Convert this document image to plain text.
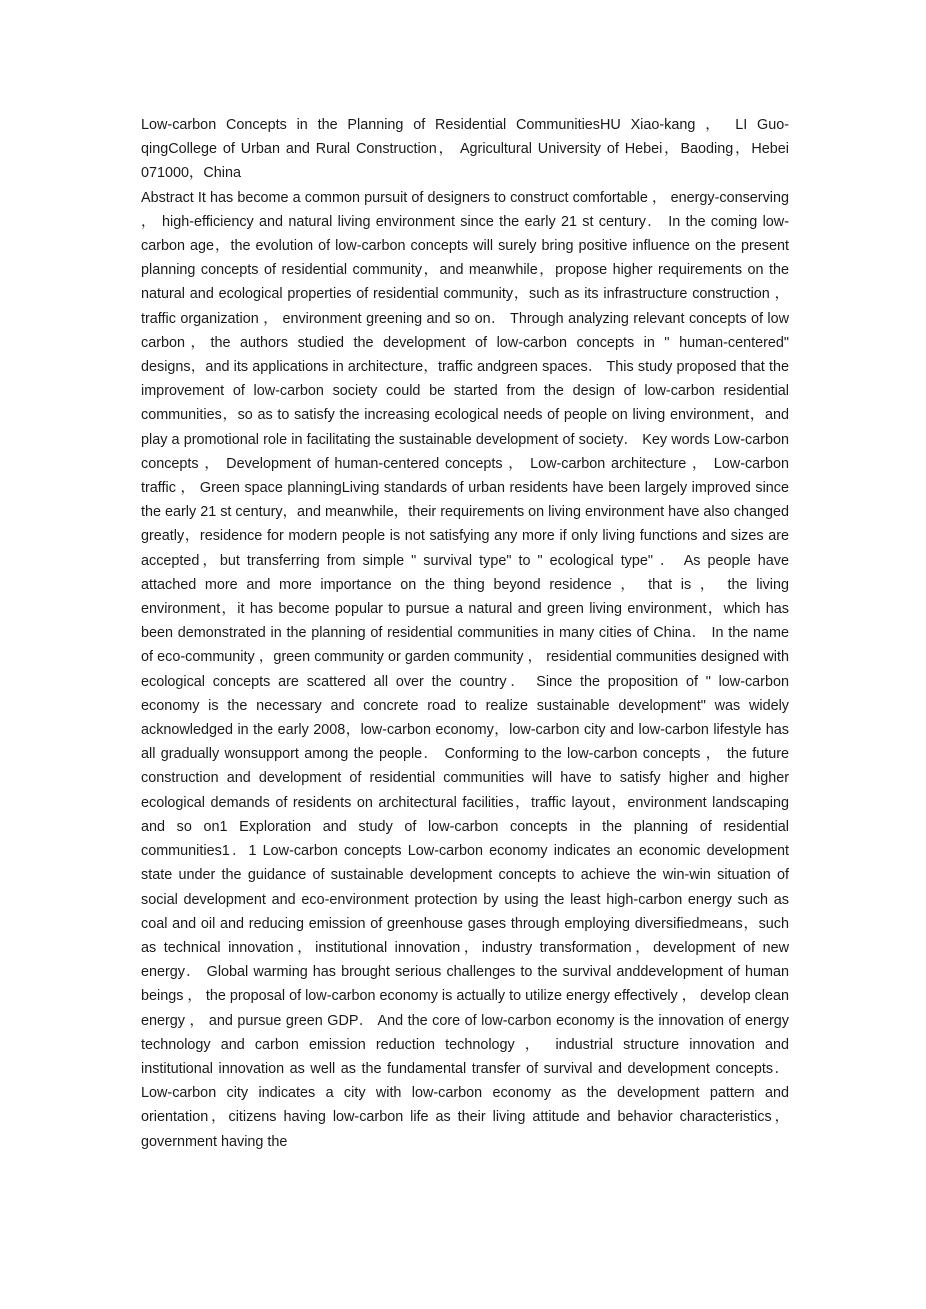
Low-carbon Concepts in the Planning of Residential CommunitiesHU Xiao-kang ， LI Guo-qingCollege of Urban and Rural Construction， Agricultural University of Hebei，Baoding，Hebei 071000，China

Abstract It has become a common pursuit of designers to construct comfortable ， energy-conserving ， high-efficiency and natural living environment since the early 21 st century． In the coming low-carbon age，the evolution of low-carbon concepts will surely bring positive influence on the present planning concepts of residential community，and meanwhile，propose higher requirements on the natural and ecological properties of residential community，such as its infrastructure construction ， traffic organization ， environment greening and so on． Through analyzing relevant concepts of low carbon，the authors studied the development of low-carbon concepts in " human-centered" designs，and its applications in architecture，traffic andgreen spaces． This study proposed that the improvement of low-carbon society could be started from the design of low-carbon residential communities，so as to satisfy the increasing ecological needs of people on living environment，and play a promotional role in facilitating the sustainable development of society． Key words Low-carbon concepts ， Development of human-centered concepts ， Low-carbon architecture ， Low-carbon traffic ， Green space planningLiving standards of urban residents have been largely improved since the early 21 st century，and meanwhile，their requirements on living environment have also changed greatly，residence for modern people is not satisfying any more if only living functions and sizes are accepted，but transferring from simple " survival type" to " ecological type" ． As people have attached more and more importance on the thing beyond residence ， that is ， the living environment，it has become popular to pursue a natural and green living environment，which has been demonstrated in the planning of residential communities in many cities of China． In the name of eco-community ，green community or garden community ， residential communities designed with ecological concepts are scattered all over the country． Since the proposition of " low-carbon economy is the necessary and concrete road to realize sustainable development" was widely acknowledged in the early 2008，low-carbon economy，low-carbon city and low-carbon lifestyle has all gradually wonsupport among the people． Conforming to the low-carbon concepts ， the future construction and development of residential communities will have to satisfy higher and higher ecological demands of residents on architectural facilities，traffic layout，environment landscaping and so on1 Exploration and study of low-carbon concepts in the planning of residential communities1．1 Low-carbon concepts Low-carbon economy indicates an economic development state under the guidance of sustainable development concepts to achieve the win-win situation of social development and eco-environment protection by using the least high-carbon energy such as coal and oil and reducing emission of greenhouse gases through employing diversifiedmeans，such as technical innovation，institutional innovation，industry transformation，development of new energy． Global warming has brought serious challenges to the survival anddevelopment of human beings ， the proposal of low-carbon economy is actually to utilize energy effectively ， develop clean energy ， and pursue green GDP． And the core of low-carbon economy is the innovation of energy technology and carbon emission reduction technology ， industrial structure innovation and institutional innovation as well as the fundamental transfer of survival and development concepts． Low-carbon city indicates a city with low-carbon economy as the development pattern and orientation，citizens having low-carbon life as their living attitude and behavior characteristics，government having the
